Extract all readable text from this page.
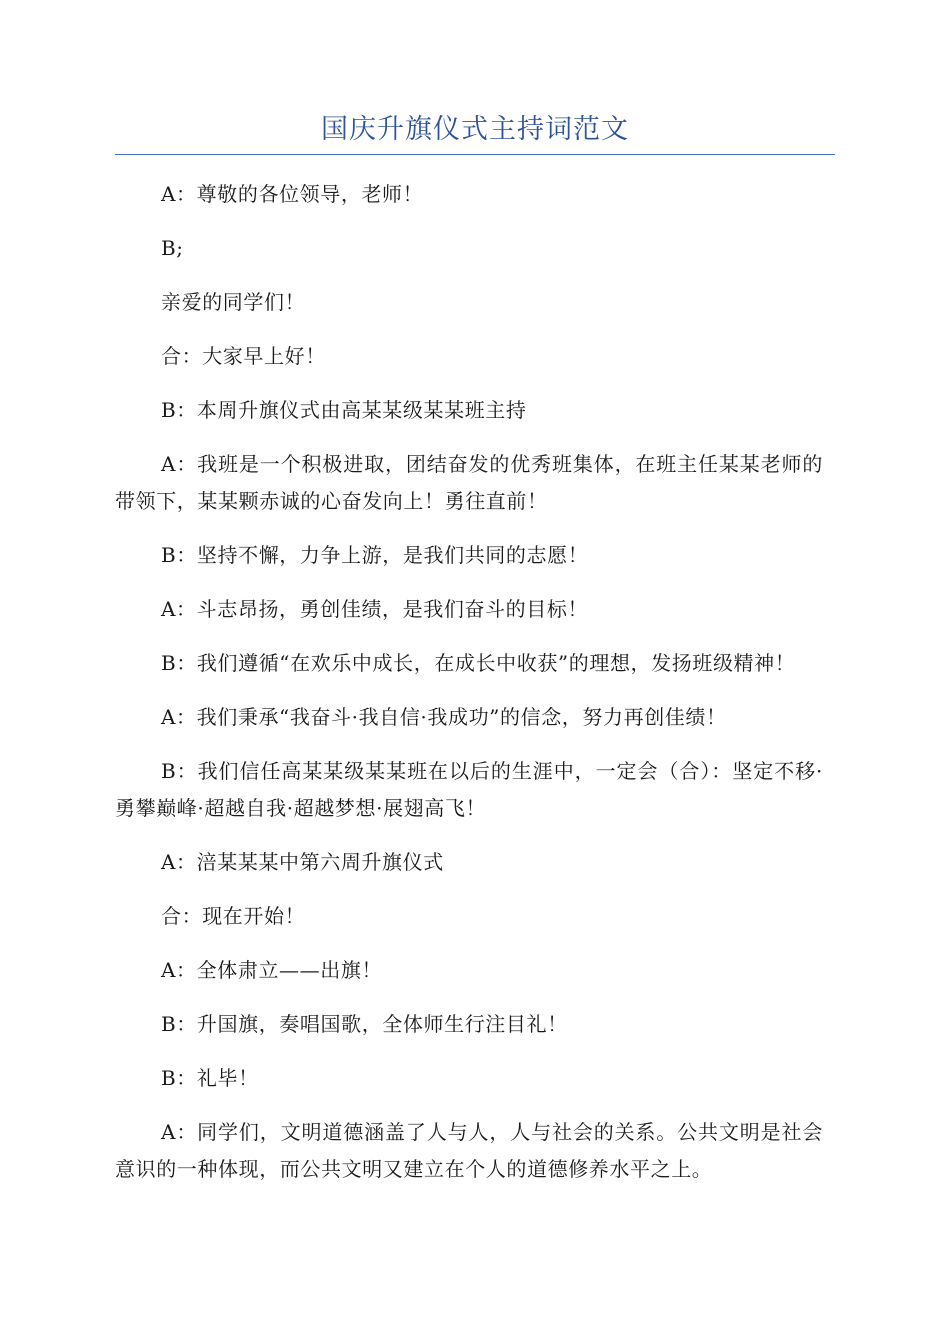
国庆升旗仪式主持词范文

A：尊敬的各位领导，老师！

B;

亲爱的同学们！

合：大家早上好！

B：本周升旗仪式由高某某级某某班主持

A：我班是一个积极进取，团结奋发的优秀班集体，在班主任某某老师的带领下，某某颗赤诚的心奋发向上！勇往直前！

B：坚持不懈，力争上游，是我们共同的志愿！

A：斗志昂扬，勇创佳绩，是我们奋斗的目标！

B：我们遵循“在欢乐中成长，在成长中收获”的理想，发扬班级精神！

A：我们秉承“我奋斗·我自信·我成功”的信念，努力再创佳绩！

B：我们信任高某某级某某班在以后的生涯中，一定会（合）：坚定不移·勇攀巅峰·超越自我·超越梦想·展翅高飞！

A：涪某某某中第六周升旗仪式

合：现在开始！

A：全体肃立——出旗！

B：升国旗，奏唱国歌，全体师生行注目礼！

B：礼毕！

A：同学们，文明道德涵盖了人与人，人与社会的关系。公共文明是社会意识的一种体现，而公共文明又建立在个人的道德修养水平之上。
